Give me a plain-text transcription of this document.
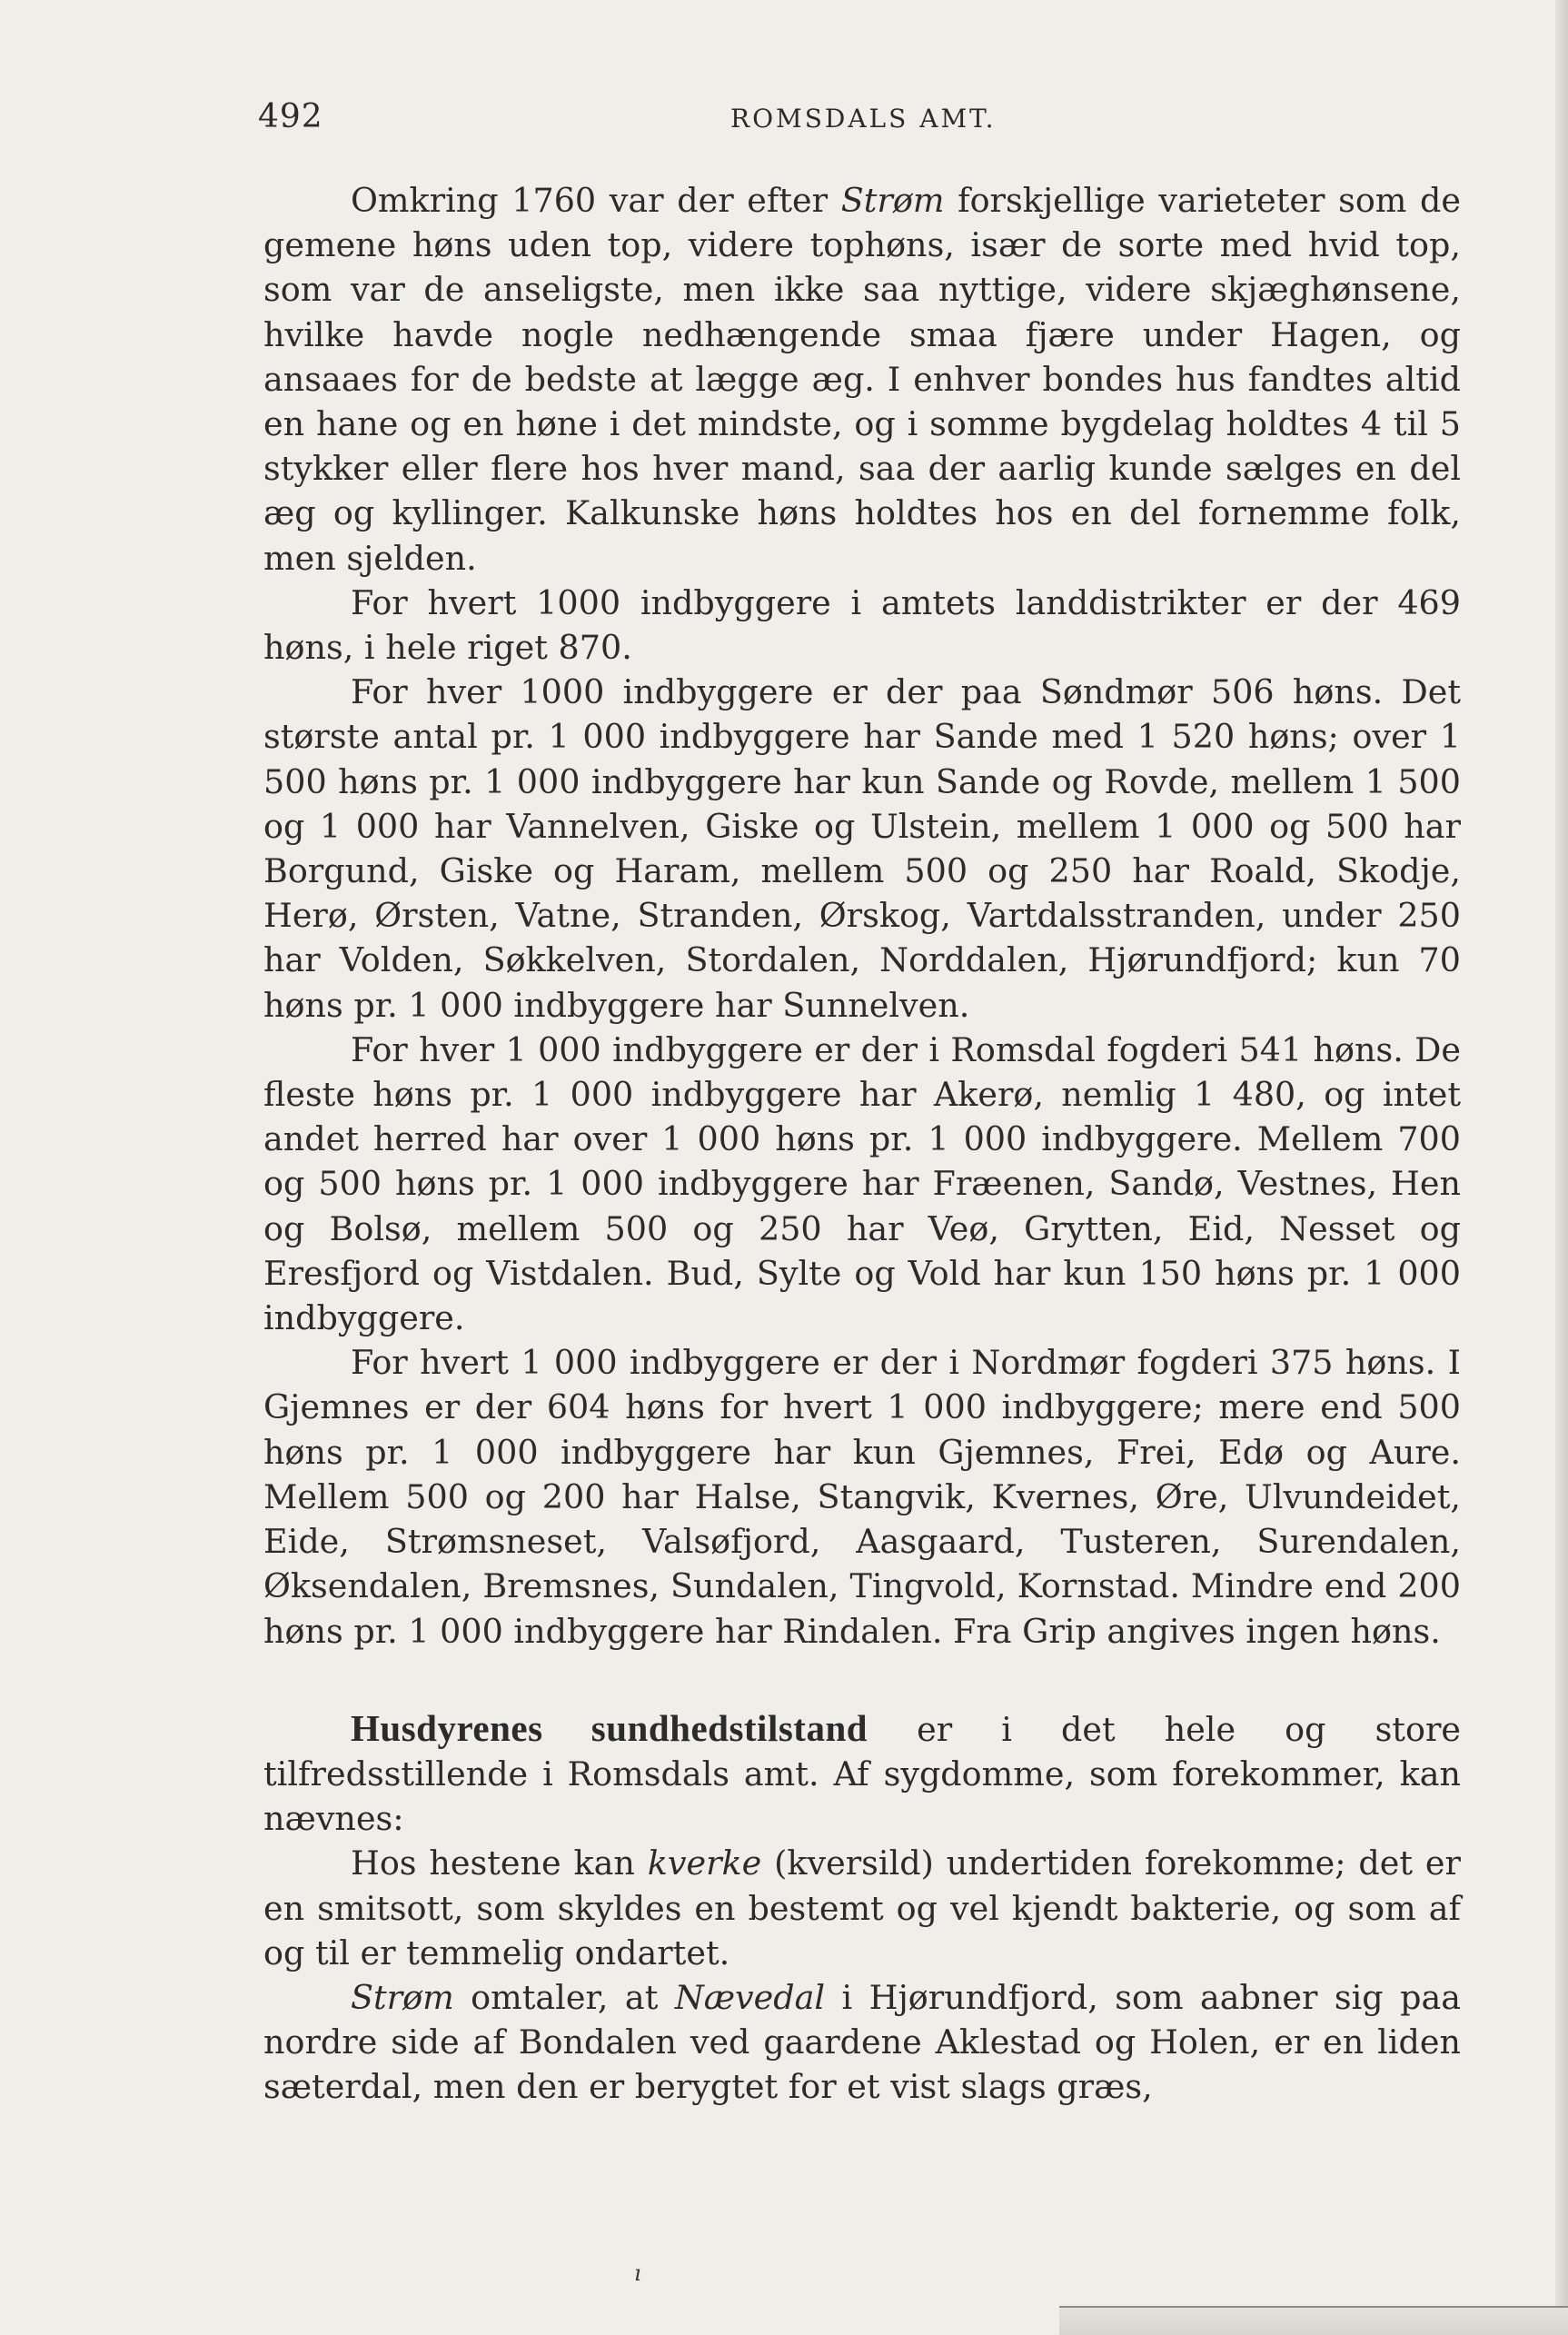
492	ROMSDALS AMT.

Omkring 1760 var der efter Strøm forskjellige varieteter som de gemene høns uden top, videre tophøns, især de sorte med hvid top, som var de anseligste, men ikke saa nyttige, videre skjæghønsene, hvilke havde nogle nedhængende smaa fjære under Hagen, og ansaaes for de bedste at lægge æg. I enhver bondes hus fandtes altid en hane og en høne i det mindste, og i somme bygdelag holdtes 4 til 5 stykker eller flere hos hver mand, saa der aarlig kunde sælges en del æg og kyllinger. Kalkunske høns holdtes hos en del fornemme folk, men sjelden.

For hvert 1000 indbyggere i amtets landdistrikter er der 469 høns, i hele riget 870.

For hver 1000 indbyggere er der paa Søndmør 506 høns. Det største antal pr. 1 000 indbyggere har Sande med 1 520 høns; over 1 500 høns pr. 1 000 indbyggere har kun Sande og Rovde, mellem 1 500 og 1 000 har Vannelven, Giske og Ulstein, mellem 1 000 og 500 har Borgund, Giske og Haram, mellem 500 og 250 har Roald, Skodje, Herø, Ørsten, Vatne, Stranden, Ørskog, Vartdalsstranden, under 250 har Volden, Søkkelven, Stordalen, Norddalen, Hjørundfjord; kun 70 høns pr. 1 000 indbyggere har Sunnelven.

For hver 1 000 indbyggere er der i Romsdal fogderi 541 høns. De fleste høns pr. 1 000 indbyggere har Akerø, nemlig 1 480, og intet andet herred har over 1 000 høns pr. 1 000 indbyggere. Mellem 700 og 500 høns pr. 1 000 indbyggere har Fræenen, Sandø, Vestnes, Hen og Bolsø, mellem 500 og 250 har Veø, Grytten, Eid, Nesset og Eresfjord og Vistdalen. Bud, Sylte og Vold har kun 150 høns pr. 1 000 indbyggere.

For hvert 1 000 indbyggere er der i Nordmør fogderi 375 høns. I Gjemnes er der 604 høns for hvert 1 000 indbyggere; mere end 500 høns pr. 1 000 indbyggere har kun Gjemnes, Frei, Edø og Aure. Mellem 500 og 200 har Halse, Stangvik, Kvernes, Øre, Ulvundeidet, Eide, Strømsneset, Valsøfjord, Aasgaard, Tusteren, Surendalen, Øksendalen, Bremsnes, Sundalen, Tingvold, Kornstad. Mindre end 200 høns pr. 1 000 indbyggere har Rindalen. Fra Grip angives ingen høns.

Husdyrenes sundhedstilstand er i det hele og store tilfredsstillende i Romsdals amt. Af sygdomme, som forekommer, kan nævnes:

Hos hestene kan kverke (kversild) undertiden forekomme; det er en smitsott, som skyldes en bestemt og vel kjendt bakterie, og som af og til er temmelig ondartet.

Strøm omtaler, at Nævedal i Hjørundfjord, som aabner sig paa nordre side af Bondalen ved gaardene Aklestad og Holen, er en liden sæterdal, men den er berygtet for et vist slags græs,

ı
